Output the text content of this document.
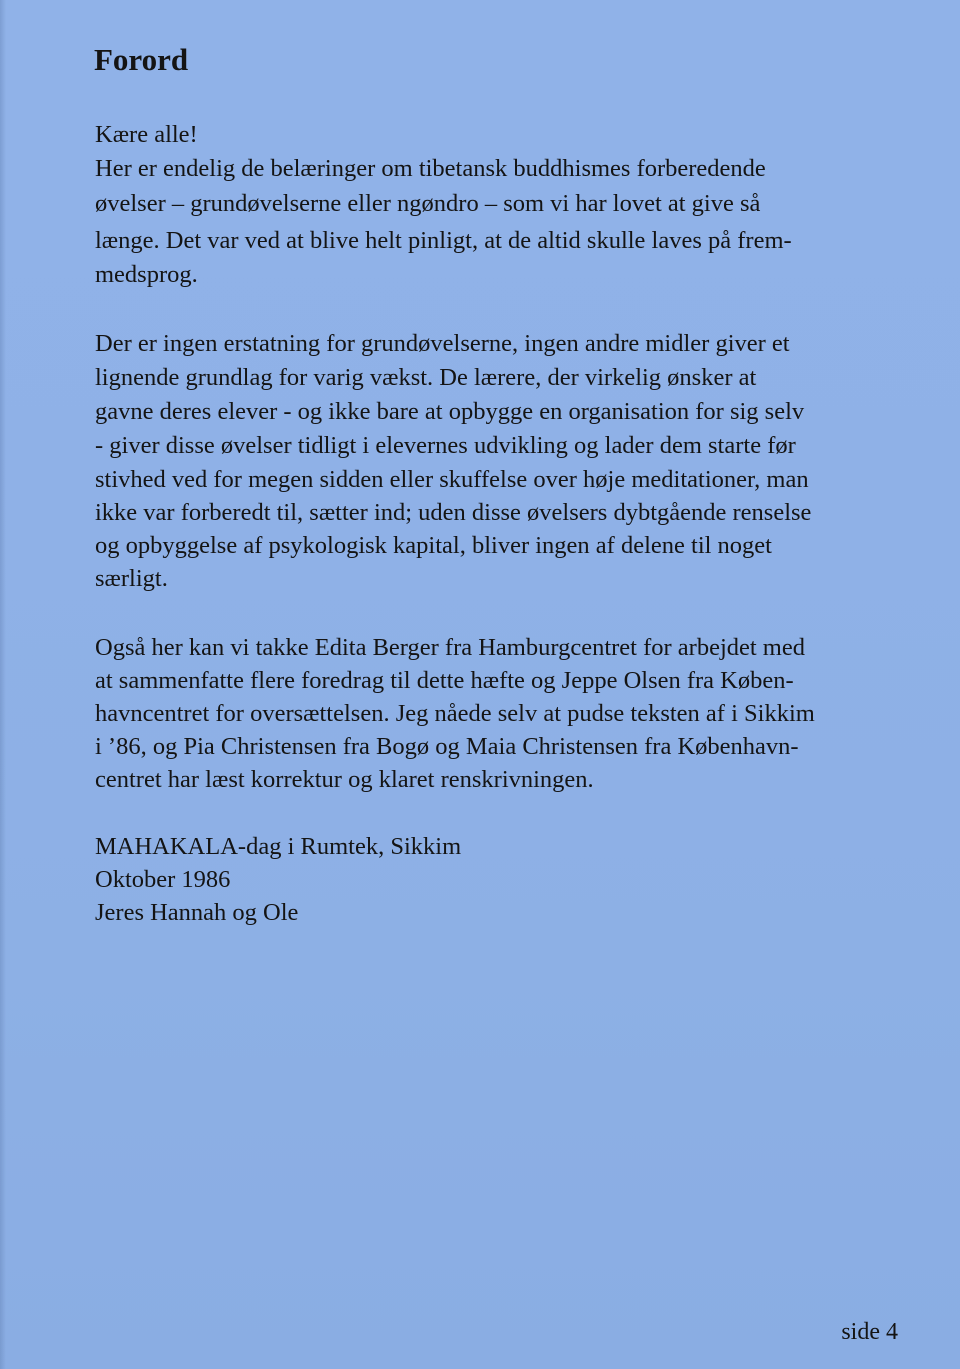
Forord

Kære alle!

Her er endelig de belæringer om tibetansk buddhismes forberedende

øvelser – grundøvelserne eller ngøndro – som vi har lovet at give så

længe. Det var ved at blive helt pinligt, at de altid skulle laves på frem-

medsprog.

Der er ingen erstatning for grundøvelserne, ingen andre midler giver et

lignende grundlag for varig vækst. De lærere, der virkelig ønsker at

gavne deres elever - og ikke bare at opbygge en organisation for sig selv

- giver disse øvelser tidligt i elevernes udvikling og lader dem starte før

stivhed ved for megen sidden eller skuffelse over høje meditationer, man

ikke var forberedt til, sætter ind; uden disse øvelsers dybtgående renselse

og opbyggelse af psykologisk kapital, bliver ingen af delene til noget

særligt.

Også her kan vi takke Edita Berger fra Hamburgcentret for arbejdet med

at sammenfatte flere foredrag til dette hæfte og Jeppe Olsen fra Køben-

havncentret for oversættelsen. Jeg nåede selv at pudse teksten af i Sikkim

i ’86, og Pia Christensen fra Bogø og Maia Christensen fra København-

centret har læst korrektur og klaret renskrivningen.

MAHAKALA-dag i Rumtek, Sikkim

Oktober 1986

Jeres Hannah og Ole

side 4
